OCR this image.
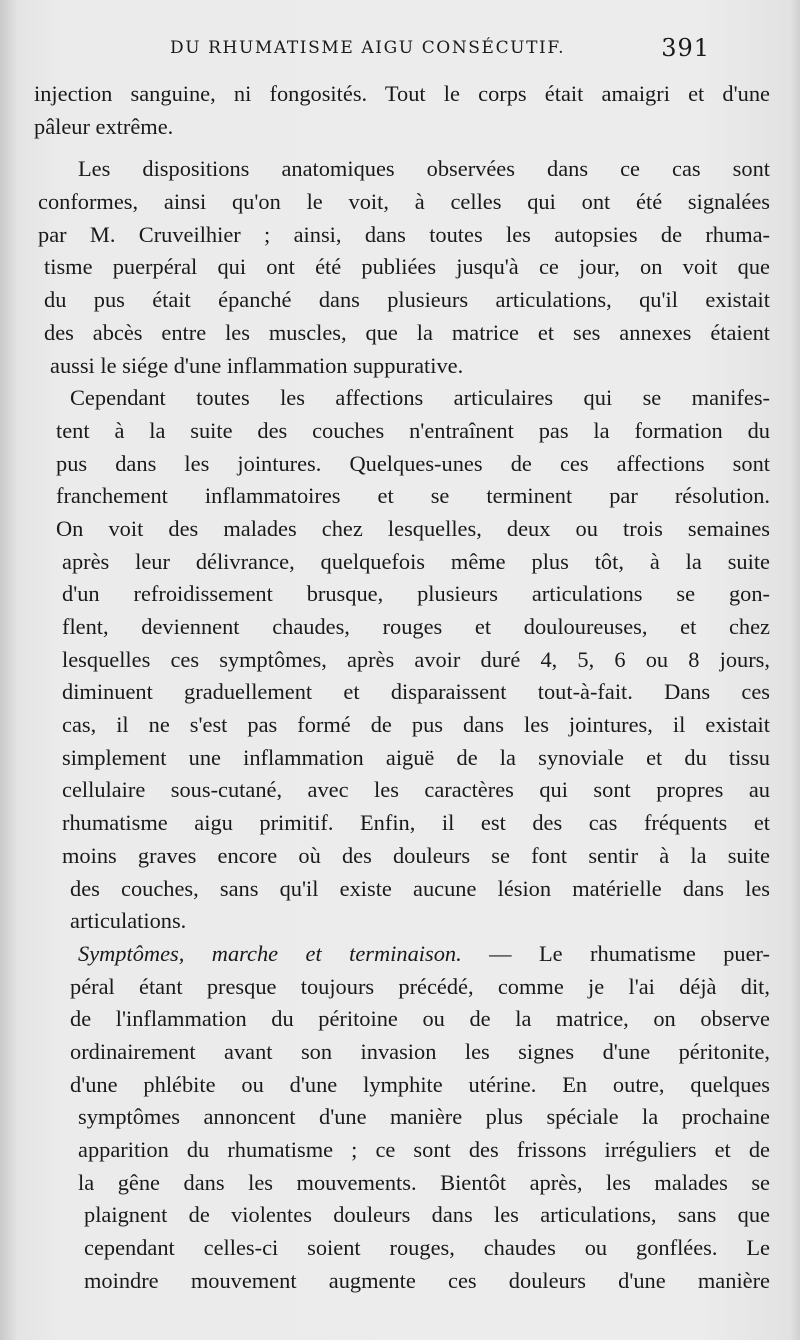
DU RHUMATISME AIGU CONSÉCUTIF.	391
injection sanguine, ni fongosités. Tout le corps était amaigri et d'une
pâleur extrême.
Les dispositions anatomiques observées dans ce cas sont
conformes, ainsi qu'on le voit, à celles qui ont été signalées
par M. Cruveilhier ; ainsi, dans toutes les autopsies de rhuma-
tisme puerpéral qui ont été publiées jusqu'à ce jour, on voit que
du pus était épanché dans plusieurs articulations, qu'il existait
des abcès entre les muscles, que la matrice et ses annexes étaient
aussi le siége d'une inflammation suppurative.
Cependant toutes les affections articulaires qui se manifes-
tent à la suite des couches n'entraînent pas la formation du
pus dans les jointures. Quelques-unes de ces affections sont
franchement inflammatoires et se terminent par résolution.
On voit des malades chez lesquelles, deux ou trois semaines
après leur délivrance, quelquefois même plus tôt, à la suite
d'un refroidissement brusque, plusieurs articulations se gon-
flent, deviennent chaudes, rouges et douloureuses, et chez
lesquelles ces symptômes, après avoir duré 4, 5, 6 ou 8 jours,
diminuent graduellement et disparaissent tout-à-fait. Dans ces
cas, il ne s'est pas formé de pus dans les jointures, il existait
simplement une inflammation aiguë de la synoviale et du tissu
cellulaire sous-cutané, avec les caractères qui sont propres au
rhumatisme aigu primitif. Enfin, il est des cas fréquents et
moins graves encore où des douleurs se font sentir à la suite
des couches, sans qu'il existe aucune lésion matérielle dans les
articulations.
Symptômes, marche et terminaison. — Le rhumatisme puer-
péral étant presque toujours précédé, comme je l'ai déjà dit,
de l'inflammation du péritoine ou de la matrice, on observe
ordinairement avant son invasion les signes d'une péritonite,
d'une phlébite ou d'une lymphite utérine. En outre, quelques
symptômes annoncent d'une manière plus spéciale la prochaine
apparition du rhumatisme ; ce sont des frissons irréguliers et de
la gêne dans les mouvements. Bientôt après, les malades se
plaignent de violentes douleurs dans les articulations, sans que
cependant celles-ci soient rouges, chaudes ou gonflées. Le
moindre mouvement augmente ces douleurs d'une manière
